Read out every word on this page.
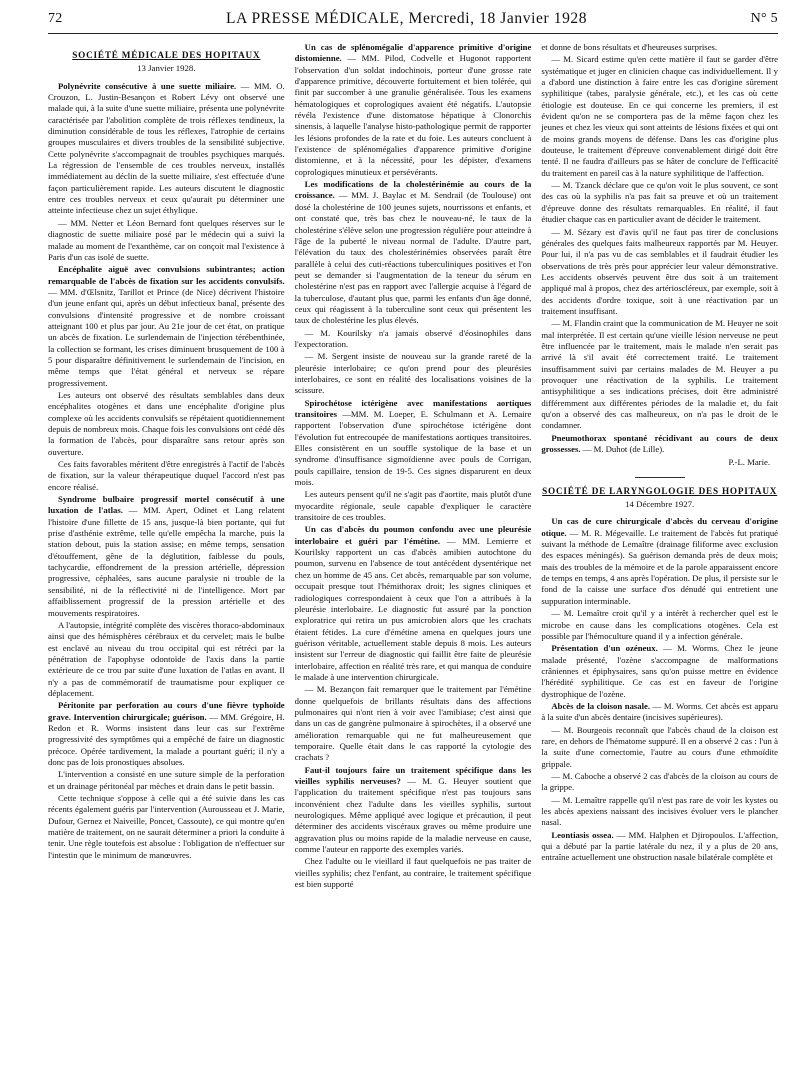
72	LA PRESSE MÉDICALE, Mercredi, 18 Janvier 1928	N° 5
SOCIÉTÉ MÉDICALE DES HOPITAUX
13 Janvier 1928.

Polynévrite consécutive à une suette miliaire. — MM. O. Crouzon, L. Justin-Besançon et Robert Lévy ont observé une malade qui, à la suite d'une suette miliaire, présenta une polynévrite caractérisée par l'abolition complète de trois réflexes tendineux, la diminution considérable de tous les réflexes, l'atrophie de certains groupes musculaires et divers troubles de la sensibilité subjective. Cette polynévrite s'accompagnait de troubles psychiques marqués. La régression de l'ensemble de ces troubles nerveux, installés immédiatement au déclin de la suette miliaire, s'est effectuée d'une façon particulièrement rapide. Les auteurs discutent le diagnostic entre ces troubles nerveux et ceux qu'aurait pu déterminer une atteinte infectieuse chez un sujet éthylique.

— MM. Netter et Léon Bernard font quelques réserves sur le diagnostic de suette miliaire posé par le médecin qui a suivi la malade au moment de l'exanthème, car on conçoit mal l'existence à Paris d'un cas isolé de suette.

Encéphalite aiguë avec convulsions subintrantes; action remarquable de l'abcès de fixation sur les accidents convulsifs. — MM. d'Œlsnitz, Tarillot et Prince (de Nice) décrivent l'histoire d'un jeune enfant qui, après un début infectieux banal, présente des convulsions d'intensité progressive et de nombre croissant atteignant 100 et plus par jour. Au 21e jour de cet état, on pratique un abcès de fixation. Le surlendemain de l'injection térébenthinée, la collection se formant, les crises diminuent brusquement de 100 à 5 pour disparaître définitivement le surlendemain de l'incision, en même temps que l'état général et nerveux se répare progressivement.

Les auteurs ont observé des résultats semblables dans deux encéphalites otogènes et dans une encéphalite d'origine plus complexe où les accidents convulsifs se répétaient quotidiennement depuis de nombreux mois. Chaque fois les convulsions ont cédé dès la formation de l'abcès, pour disparaître sans retour après son ouverture.

Ces faits favorables méritent d'être enregistrés à l'actif de l'abcès de fixation, sur la valeur thérapeutique duquel l'accord n'est pas encore réalisé.

Syndrome bulbaire progressif mortel consécutif à une luxation de l'atlas. — MM. Apert, Odinet et Lang relatent l'histoire d'une fillette de 15 ans, jusque-là bien portante, qui fut prise d'asthénie extrême, telle qu'elle empêcha la marche, puis la station debout, puis la station assise; en même temps, sensation d'étouffement, gêne de la déglutition, faiblesse du pouls, tachycardie, effondrement de la pression artérielle, dépression progressive, céphalées, sans aucune paralysie ni trouble de la sensibilité, ni de la réflectivité ni de l'intelligence. Mort par affaiblissement progressif de la pression artérielle et des mouvements respiratoires.

A l'autopsie, intégrité complète des viscères thoraco-abdominaux ainsi que des hémisphères cérébraux et du cervelet; mais le bulbe est enclavé au niveau du trou occipital qui est rétréci par la pénétration de l'apophyse odontoïde de l'axis dans la partie extérieure de ce trou par suite d'une luxation de l'atlas en avant. Il n'y a pas de commémoratif de traumatisme pour expliquer ce déplacement.

Péritonite par perforation au cours d'une fièvre typhoïde grave. Intervention chirurgicale; guérison. — MM. Grégoire, H. Redon et R. Worms insistent dans leur cas sur l'extrême progressivité des symptômes qui a empêché de faire un diagnostic précoce. Opérée tardivement, la malade a pourtant guéri; il n'y a donc pas de lois pronostiques absolues.

L'intervention a consisté en une suture simple de la perforation et un drainage péritonéal par mèches et drain dans le petit bassin.

Cette technique s'oppose à celle qui a été suivie dans les cas récents également guéris par l'intervention (Aurousseau et J. Marie, Dufour, Gernez et Naiveille, Poncet, Cassoute), ce qui montre qu'en matière de traitement, on ne saurait déterminer a priori la conduite à tenir. Une règle toutefois est absolue : l'obligation de n'effectuer sur l'intestin que le minimum de manœuvres.

Un cas de splénomégalie d'apparence primitive d'origine distomienne. — MM. Pilod, Codvelle et Hugonot rapportent l'observation d'un soldat indochinois, porteur d'une grosse rate d'apparence primitive, découverte fortuitement et bien tolérée, qui finit par succomber à une granulie généralisée. Tous les examens hématologiques et coprologiques avaient été négatifs. L'autopsie révéla l'existence d'une distomatose hépatique à Clonorchis sinensis, à laquelle l'analyse histo-pathologique permit de rapporter les lésions profondes de la rate et du foie. Les auteurs concluent à l'existence de splénomégalies d'apparence primitive d'origine distomienne, et à la nécessité, pour les dépister, d'examens coprologiques minutieux et persévérants.

Les modifications de la cholestérinémie au cours de la croissance. — MM. J. Baylac et M. Sendrail (de Toulouse) ont dosé la cholestérine de 100 jeunes sujets, nourrissons et enfants, et ont constaté que, très bas chez le nouveau-né, le taux de la cholestérine s'élève selon une progression régulière pour atteindre à l'âge de la puberté le niveau normal de l'adulte. D'autre part, l'élévation du taux des cholestérinémies observées paraît être parallèle à celui des cuti-réactions tuberculiniques positives et l'on peut se demander si l'augmentation de la teneur du sérum en cholestérine n'est pas en rapport avec l'allergie acquise à l'égard de la tuberculose, d'autant plus que, parmi les enfants d'un âge donné, ceux qui réagissent à la tuberculine sont ceux qui présentent les taux de cholestérine les plus élevés.

— M. Kourilsky n'a jamais observé d'éosinophiles dans l'expectoration.

— M. Sergent insiste de nouveau sur la grande rareté de la pleurésie interlobaire; ce qu'on prend pour des pleurésies interlobaires, ce sont en réalité des localisations voisines de la scissure.

Spirochétose ictérigène avec manifestations aortiques transitoires —MM. M. Loeper, E. Schulmann et A. Lemaire rapportent l'observation d'une spirochétose ictérigène dont l'évolution fut entrecoupée de manifestations aortiques transitoires. Elles consistèrent en un souffle systolique de la base et un syndrome d'insuffisance sigmoïdienne avec pouls de Corrigan, pouls capillaire, tension de 19-5. Ces signes disparurent en deux mois.

Les auteurs pensent qu'il ne s'agit pas d'aortite, mais plutôt d'une myocardite régionale, seule capable d'expliquer le caractère transitoire de ces troubles.

Un cas d'abcès du poumon confondu avec une pleurésie interlobaire et guéri par l'émétine. — MM. Lemierre et Kourilsky rapportent un cas d'abcès amibien autochtone du poumon, survenu en l'absence de tout antécédent dysentérique net chez un homme de 45 ans. Cet abcès, remarquable par son volume, occupait presque tout l'hémithorax droit; les signes cliniques et radiologiques correspondaient à ceux que l'on a attribués à la pleurésie interlobaire. Le diagnostic fut assuré par la ponction exploratrice qui retira un pus amicrobien alors que les crachats étaient fétides. La cure d'émétine amena en quelques jours une guérison véritable, actuellement stable depuis 8 mois. Les auteurs insistent sur l'erreur de diagnostic qui faillit être faite de pleurésie interlobaire, affection en réalité très rare, et qui manqua de conduire le malade à une intervention chirurgicale.

— M. Bezançon fait remarquer que le traitement par l'émétine donne quelquefois de brillants résultats dans des affections pulmonaires qui n'ont rien à voir avec l'amibiase; c'est ainsi que dans un cas de gangrène pulmonaire à spirochètes, il a observé une amélioration remarquable qui ne fut malheureusement que temporaire. Quelle était dans le cas rapporté la cytologie des crachats ?

Faut-il toujours faire un traitement spécifique dans les vieilles syphilis nerveuses? — M. G. Heuyer soutient que l'application du traitement spécifique n'est pas toujours sans inconvénient chez l'adulte dans les vieilles syphilis, surtout neurologiques. Même appliqué avec logique et précaution, il peut déterminer des accidents viscéraux graves ou même produire une aggravation plus ou moins rapide de la maladie nerveuse en cause, comme l'auteur en rapporte des exemples variés.

Chez l'adulte ou le vieillard il faut quelquefois ne pas traiter de vieilles syphilis; chez l'enfant, au contraire, le traitement spécifique est bien supporté

et donne de bons résultats et d'heureuses surprises.

— M. Sicard estime qu'en cette matière il faut se garder d'être systématique et juger en clinicien chaque cas individuellement. Il y a d'abord une distinction à faire entre les cas d'origine sûrement syphilitique (tabes, paralysie générale, etc.), et les cas où cette étiologie est douteuse. En ce qui concerne les premiers, il est évident qu'on ne se comportera pas de la même façon chez les jeunes et chez les vieux qui sont atteints de lésions fixées et qui ont de moins grands moyens de défense. Dans les cas d'origine plus douteuse, le traitement d'épreuve convenablement dirigé doit être tenté. Il ne faudra d'ailleurs pas se hâter de conclure de l'efficacité du traitement en pareil cas à la nature syphilitique de l'affection.

— M. Tzanck déclare que ce qu'on voit le plus souvent, ce sont des cas où la syphilis n'a pas fait sa preuve et où un traitement d'épreuve donne des résultats remarquables. En réalité, il faut étudier chaque cas en particulier avant de décider le traitement.

— M. Sézary est d'avis qu'il ne faut pas tirer de conclusions générales des quelques faits malheureux rapportés par M. Heuyer. Pour lui, il n'a pas vu de cas semblables et il faudrait étudier les observations de très près pour apprécier leur valeur démonstrative. Les accidents observés peuvent être dus soit à un traitement appliqué mal à propos, chez des artérioscléreux, par exemple, soit à des accidents d'ordre toxique, soit à une réactivation par un traitement insuffisant.

— M. Flandin craint que la communication de M. Heuyer ne soit mal interprétée. Il est certain qu'une vieille lésion nerveuse ne peut être influencée par le traitement, mais le malade n'en serait pas arrivé là s'il avait été correctement traité. Le traitement insuffisamment suivi par certains malades de M. Heuyer a pu provoquer une réactivation de la syphilis. Le traitement antisyphilitique a ses indications précises, doit être administré différemment aux différentes périodes de la maladie et, du fait qu'on a observé des cas malheureux, on n'a pas le droit de le condamner.

Pneumothorax spontané récidivant au cours de deux grossesses. — M. Duhot (de Lille).

P.-L. Marie.
SOCIÉTÉ DE LARYNGOLOGIE DES HOPITAUX
14 Décembre 1927.

Un cas de cure chirurgicale d'abcès du cerveau d'origine otique. — M. R. Mégevaille. Le traitement de l'abcès fut pratiqué suivant la méthode de Lemaître (drainage filiforme avec exclusion des espaces méningés). Sa guérison demanda près de deux mois; mais des troubles de la mémoire et de la parole apparaissent encore de temps en temps, 4 ans après l'opération. De plus, il persiste sur le fond de la caisse une surface d'os dénudé qui entretient une suppuration interminable.

— M. Lemaître croit qu'il y a intérêt à rechercher quel est le microbe en cause dans les complications otogènes. Cela est possible par l'hémoculture quand il y a infection générale.

Présentation d'un ozéneux. — M. Worms. Chez le jeune malade présenté, l'ozène s'accompagne de malformations crâniennes et épiphysaires, sans qu'on puisse mettre en évidence l'hérédité syphilitique. Ce cas est en faveur de l'origine dystrophique de l'ozène.

Abcès de la cloison nasale. — M. Worms. Cet abcès est apparu à la suite d'un abcès dentaire (incisives supérieures).

— M. Bourgeois reconnaît que l'abcès chaud de la cloison est rare, en dehors de l'hématome suppuré. Il en a observé 2 cas : l'un à la suite d'une cornectomie, l'autre au cours d'une ethmoïdite grippale.

— M. Caboche a observé 2 cas d'abcès de la cloison au cours de la grippe.

— M. Lemaître rappelle qu'il n'est pas rare de voir les kystes ou les abcès apexiens naissant des incisives évoluer vers le plancher nasal.

Leontiasis ossea. — MM. Halphen et Djiropoulos. L'affection, qui a débuté par la partie latérale du nez, il y a plus de 20 ans, entraîne actuellement une obstruction nasale bilatérale complète et
